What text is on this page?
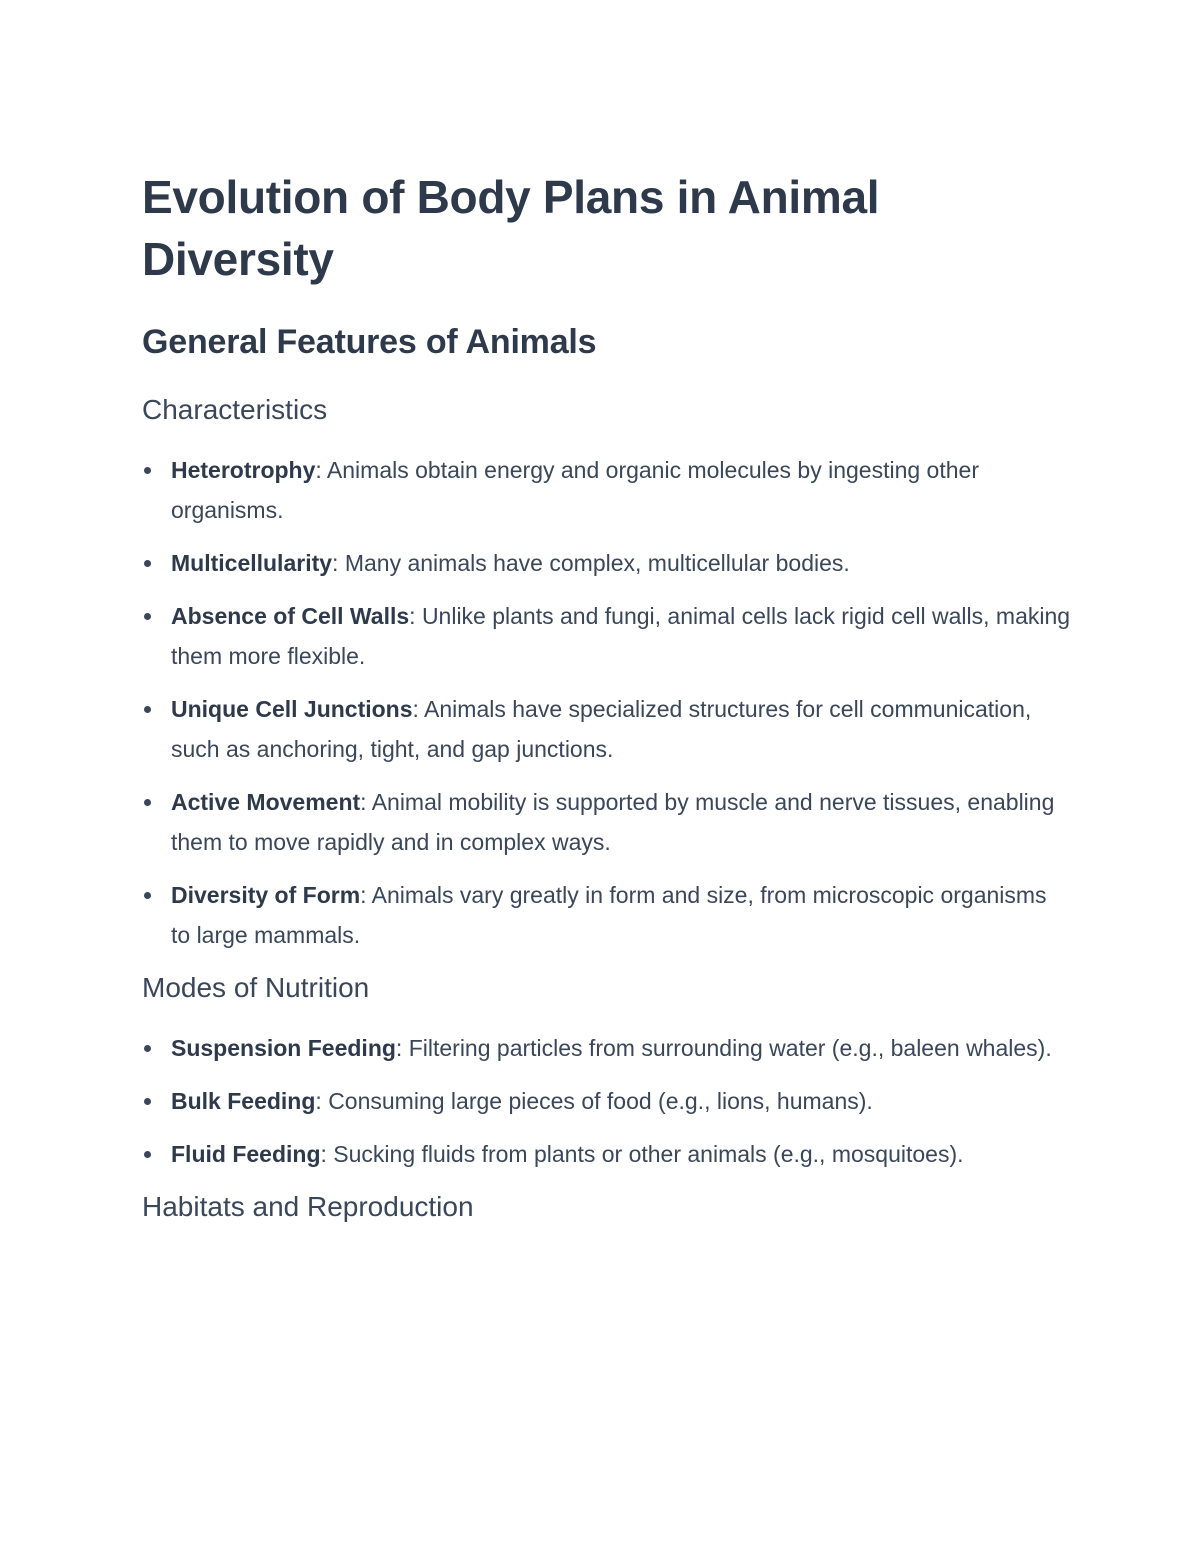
Evolution of Body Plans in Animal Diversity
General Features of Animals
Characteristics
Heterotrophy: Animals obtain energy and organic molecules by ingesting other organisms.
Multicellularity: Many animals have complex, multicellular bodies.
Absence of Cell Walls: Unlike plants and fungi, animal cells lack rigid cell walls, making them more flexible.
Unique Cell Junctions: Animals have specialized structures for cell communication, such as anchoring, tight, and gap junctions.
Active Movement: Animal mobility is supported by muscle and nerve tissues, enabling them to move rapidly and in complex ways.
Diversity of Form: Animals vary greatly in form and size, from microscopic organisms to large mammals.
Modes of Nutrition
Suspension Feeding: Filtering particles from surrounding water (e.g., baleen whales).
Bulk Feeding: Consuming large pieces of food (e.g., lions, humans).
Fluid Feeding: Sucking fluids from plants or other animals (e.g., mosquitoes).
Habitats and Reproduction
